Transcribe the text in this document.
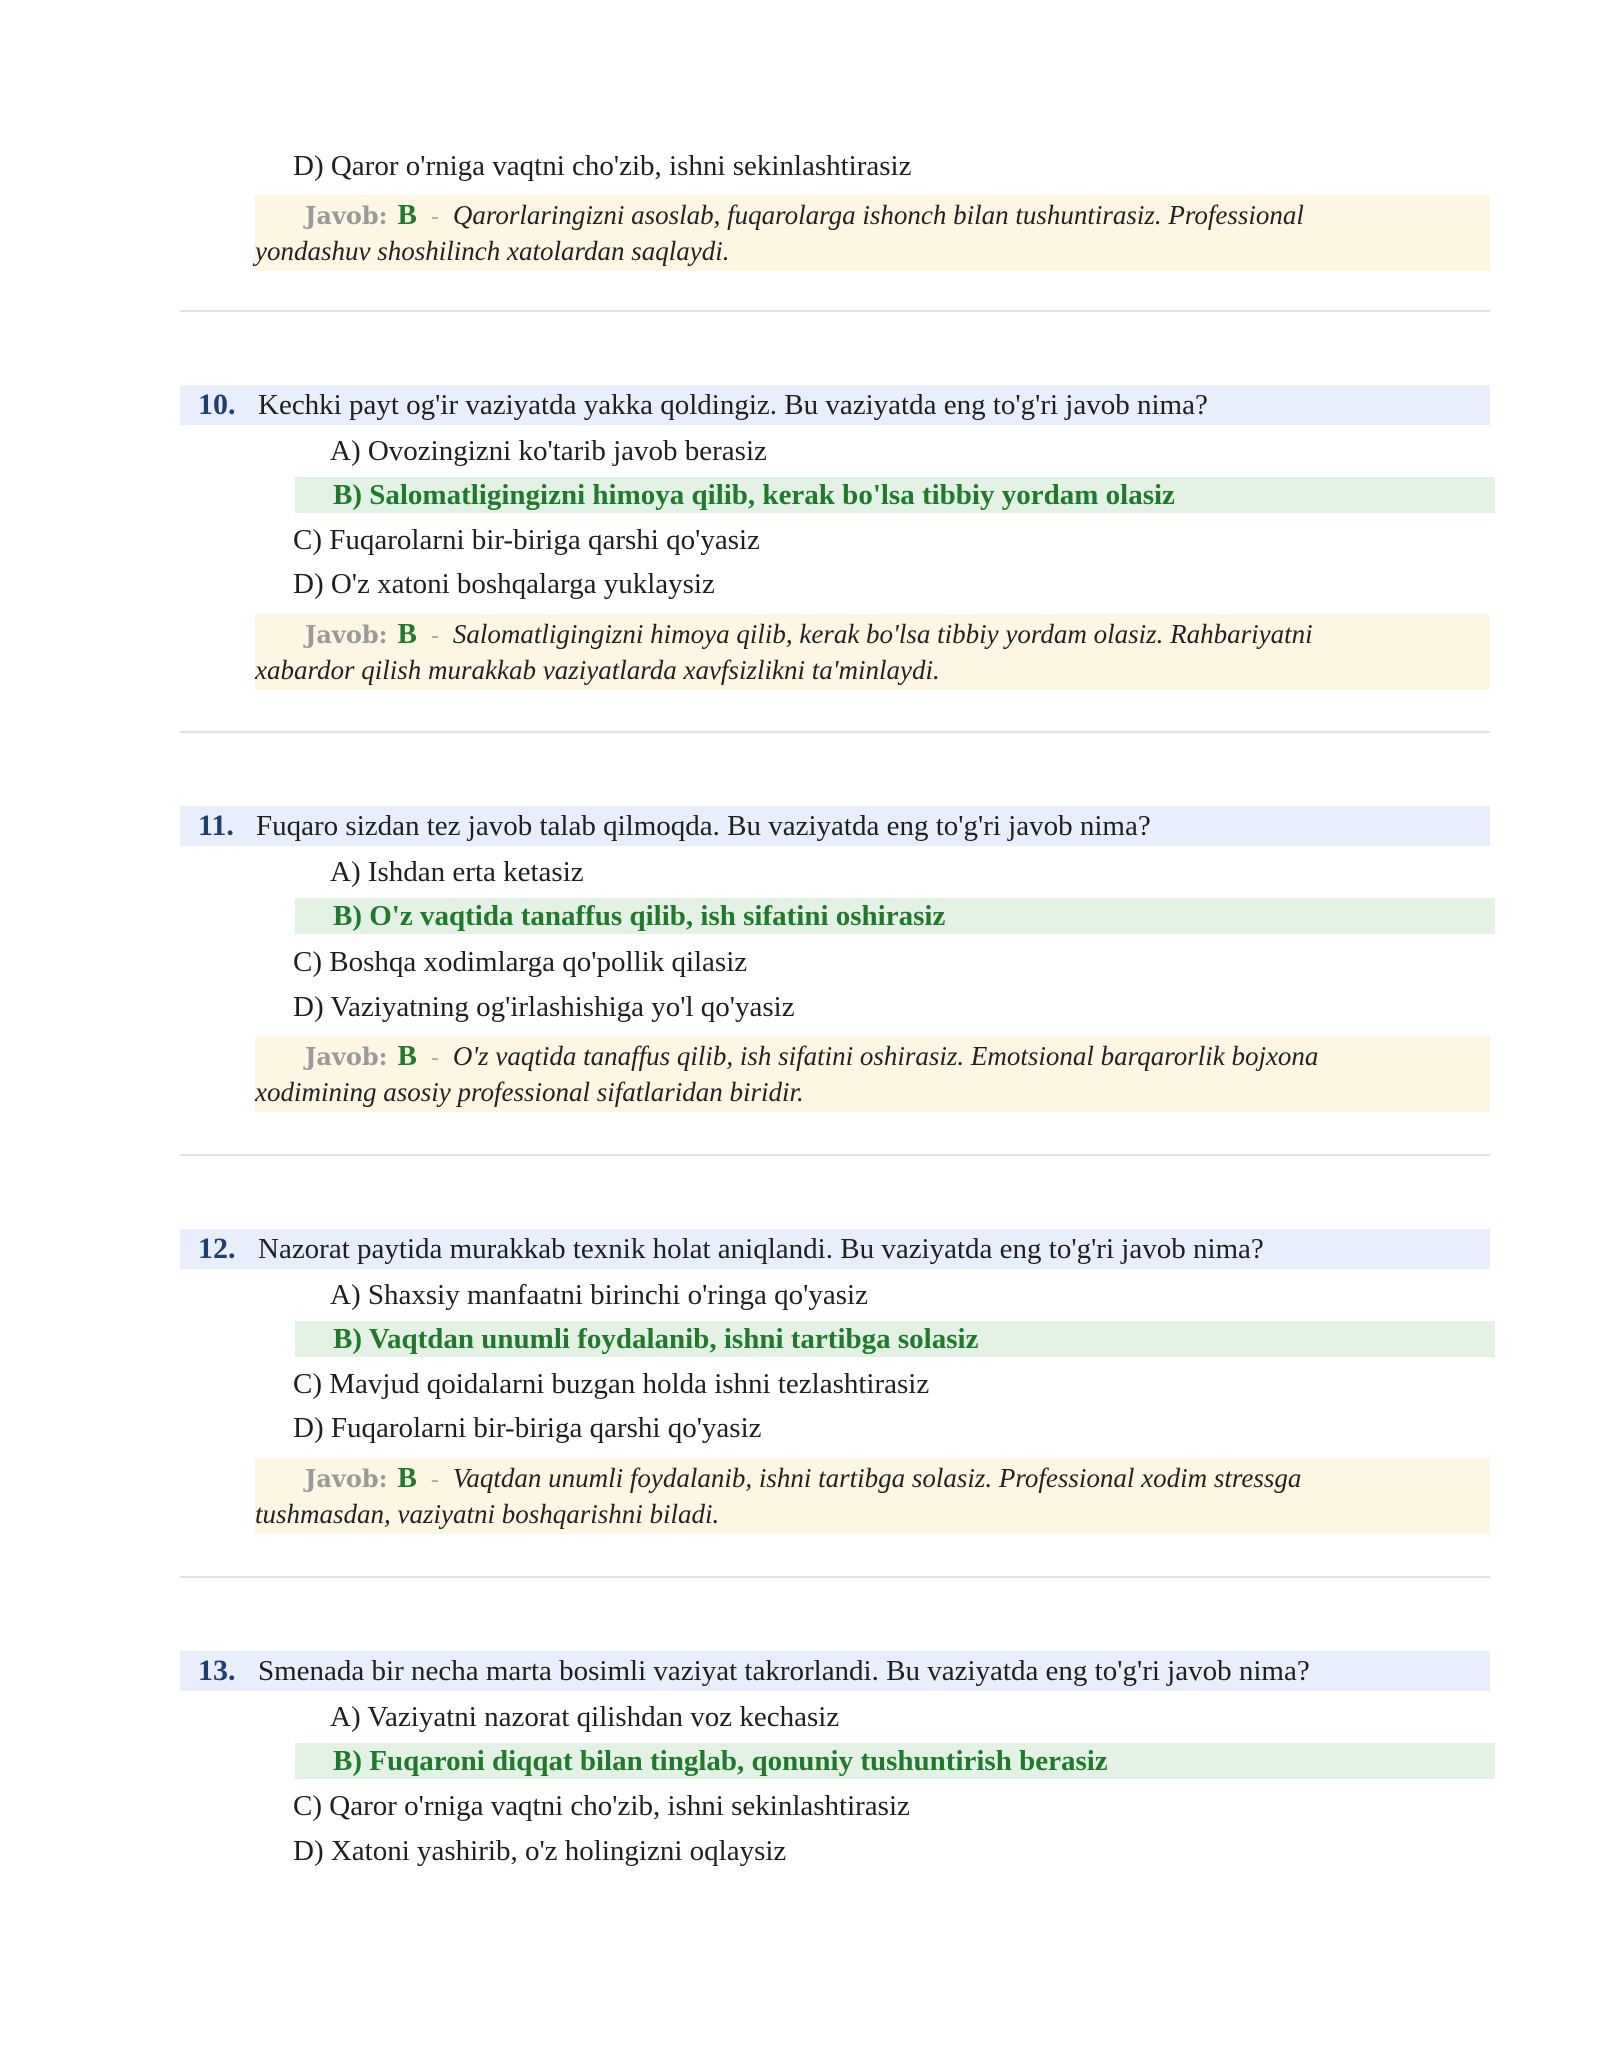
D) Qaror o'rniga vaqtni cho'zib, ishni sekinlashtirasiz
Javob: B - Qarorlaringizni asoslab, fuqarolarga ishonch bilan tushuntirasiz. Professional
yondashuv shoshilinch xatolardan saqlaydi.
10. Kechki payt og'ir vaziyatda yakka qoldingiz. Bu vaziyatda eng to'g'ri javob nima?
A) Ovozingizni ko'tarib javob berasiz
B) Salomatligingizni himoya qilib, kerak bo'lsa tibbiy yordam olasiz
C) Fuqarolarni bir-biriga qarshi qo'yasiz
D) O'z xatoni boshqalarga yuklaysiz
Javob: B - Salomatligingizni himoya qilib, kerak bo'lsa tibbiy yordam olasiz. Rahbariyatni
xabardor qilish murakkab vaziyatlarda xavfsizlikni ta'minlaydi.
11. Fuqaro sizdan tez javob talab qilmoqda. Bu vaziyatda eng to'g'ri javob nima?
A) Ishdan erta ketasiz
B) O'z vaqtida tanaffus qilib, ish sifatini oshirasiz
C) Boshqa xodimlarga qo'pollik qilasiz
D) Vaziyatning og'irlashishiga yo'l qo'yasiz
Javob: B - O'z vaqtida tanaffus qilib, ish sifatini oshirasiz. Emotsional barqarorlik bojxona
xodimining asosiy professional sifatlaridan biridir.
12. Nazorat paytida murakkab texnik holat aniqlandi. Bu vaziyatda eng to'g'ri javob nima?
A) Shaxsiy manfaatni birinchi o'ringa qo'yasiz
B) Vaqtdan unumli foydalanib, ishni tartibga solasiz
C) Mavjud qoidalarni buzgan holda ishni tezlashtirasiz
D) Fuqarolarni bir-biriga qarshi qo'yasiz
Javob: B - Vaqtdan unumli foydalanib, ishni tartibga solasiz. Professional xodim stressga
tushmasdan, vaziyatni boshqarishni biladi.
13. Smenada bir necha marta bosimli vaziyat takrorlandi. Bu vaziyatda eng to'g'ri javob nima?
A) Vaziyatni nazorat qilishdan voz kechasiz
B) Fuqaroni diqqat bilan tinglab, qonuniy tushuntirish berasiz
C) Qaror o'rniga vaqtni cho'zib, ishni sekinlashtirasiz
D) Xatoni yashirib, o'z holingizni oqlaysiz
